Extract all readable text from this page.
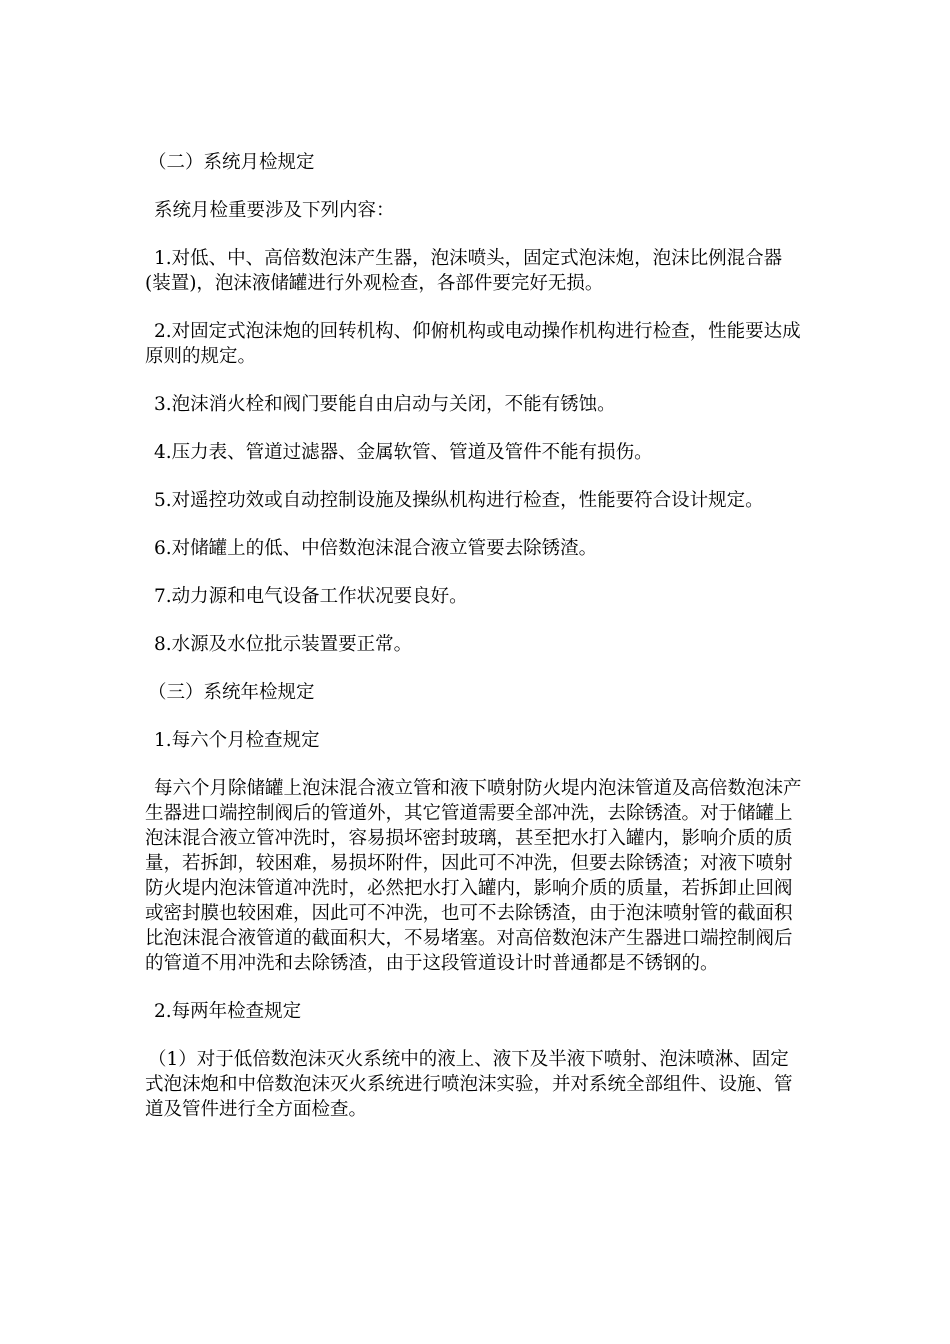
（二）系统月检规定

系统月检重要涉及下列内容：

1.对低、中、高倍数泡沫产生器，泡沫喷头，固定式泡沫炮，泡沫比例混合器(装置)，泡沫液储罐进行外观检查，各部件要完好无损。

2.对固定式泡沫炮的回转机构、仰俯机构或电动操作机构进行检查，性能要达成原则的规定。

3.泡沫消火栓和阀门要能自由启动与关闭，不能有锈蚀。

4.压力表、管道过滤器、金属软管、管道及管件不能有损伤。

5.对遥控功效或自动控制设施及操纵机构进行检查，性能要符合设计规定。

6.对储罐上的低、中倍数泡沫混合液立管要去除锈渣。

7.动力源和电气设备工作状况要良好。

8.水源及水位批示装置要正常。

（三）系统年检规定

1.每六个月检查规定

每六个月除储罐上泡沫混合液立管和液下喷射防火堤内泡沫管道及高倍数泡沫产生器进口端控制阀后的管道外，其它管道需要全部冲洗，去除锈渣。对于储罐上泡沫混合液立管冲洗时，容易损坏密封玻璃，甚至把水打入罐内，影响介质的质量，若拆卸，较困难，易损坏附件，因此可不冲洗，但要去除锈渣；对液下喷射防火堤内泡沫管道冲洗时，必然把水打入罐内，影响介质的质量，若拆卸止回阀或密封膜也较困难，因此可不冲洗，也可不去除锈渣，由于泡沫喷射管的截面积比泡沫混合液管道的截面积大，不易堵塞。对高倍数泡沫产生器进口端控制阀后的管道不用冲洗和去除锈渣，由于这段管道设计时普通都是不锈钢的。

2.每两年检查规定

（1）对于低倍数泡沫灭火系统中的液上、液下及半液下喷射、泡沫喷淋、固定式泡沫炮和中倍数泡沫灭火系统进行喷泡沫实验，并对系统全部组件、设施、管道及管件进行全方面检查。
